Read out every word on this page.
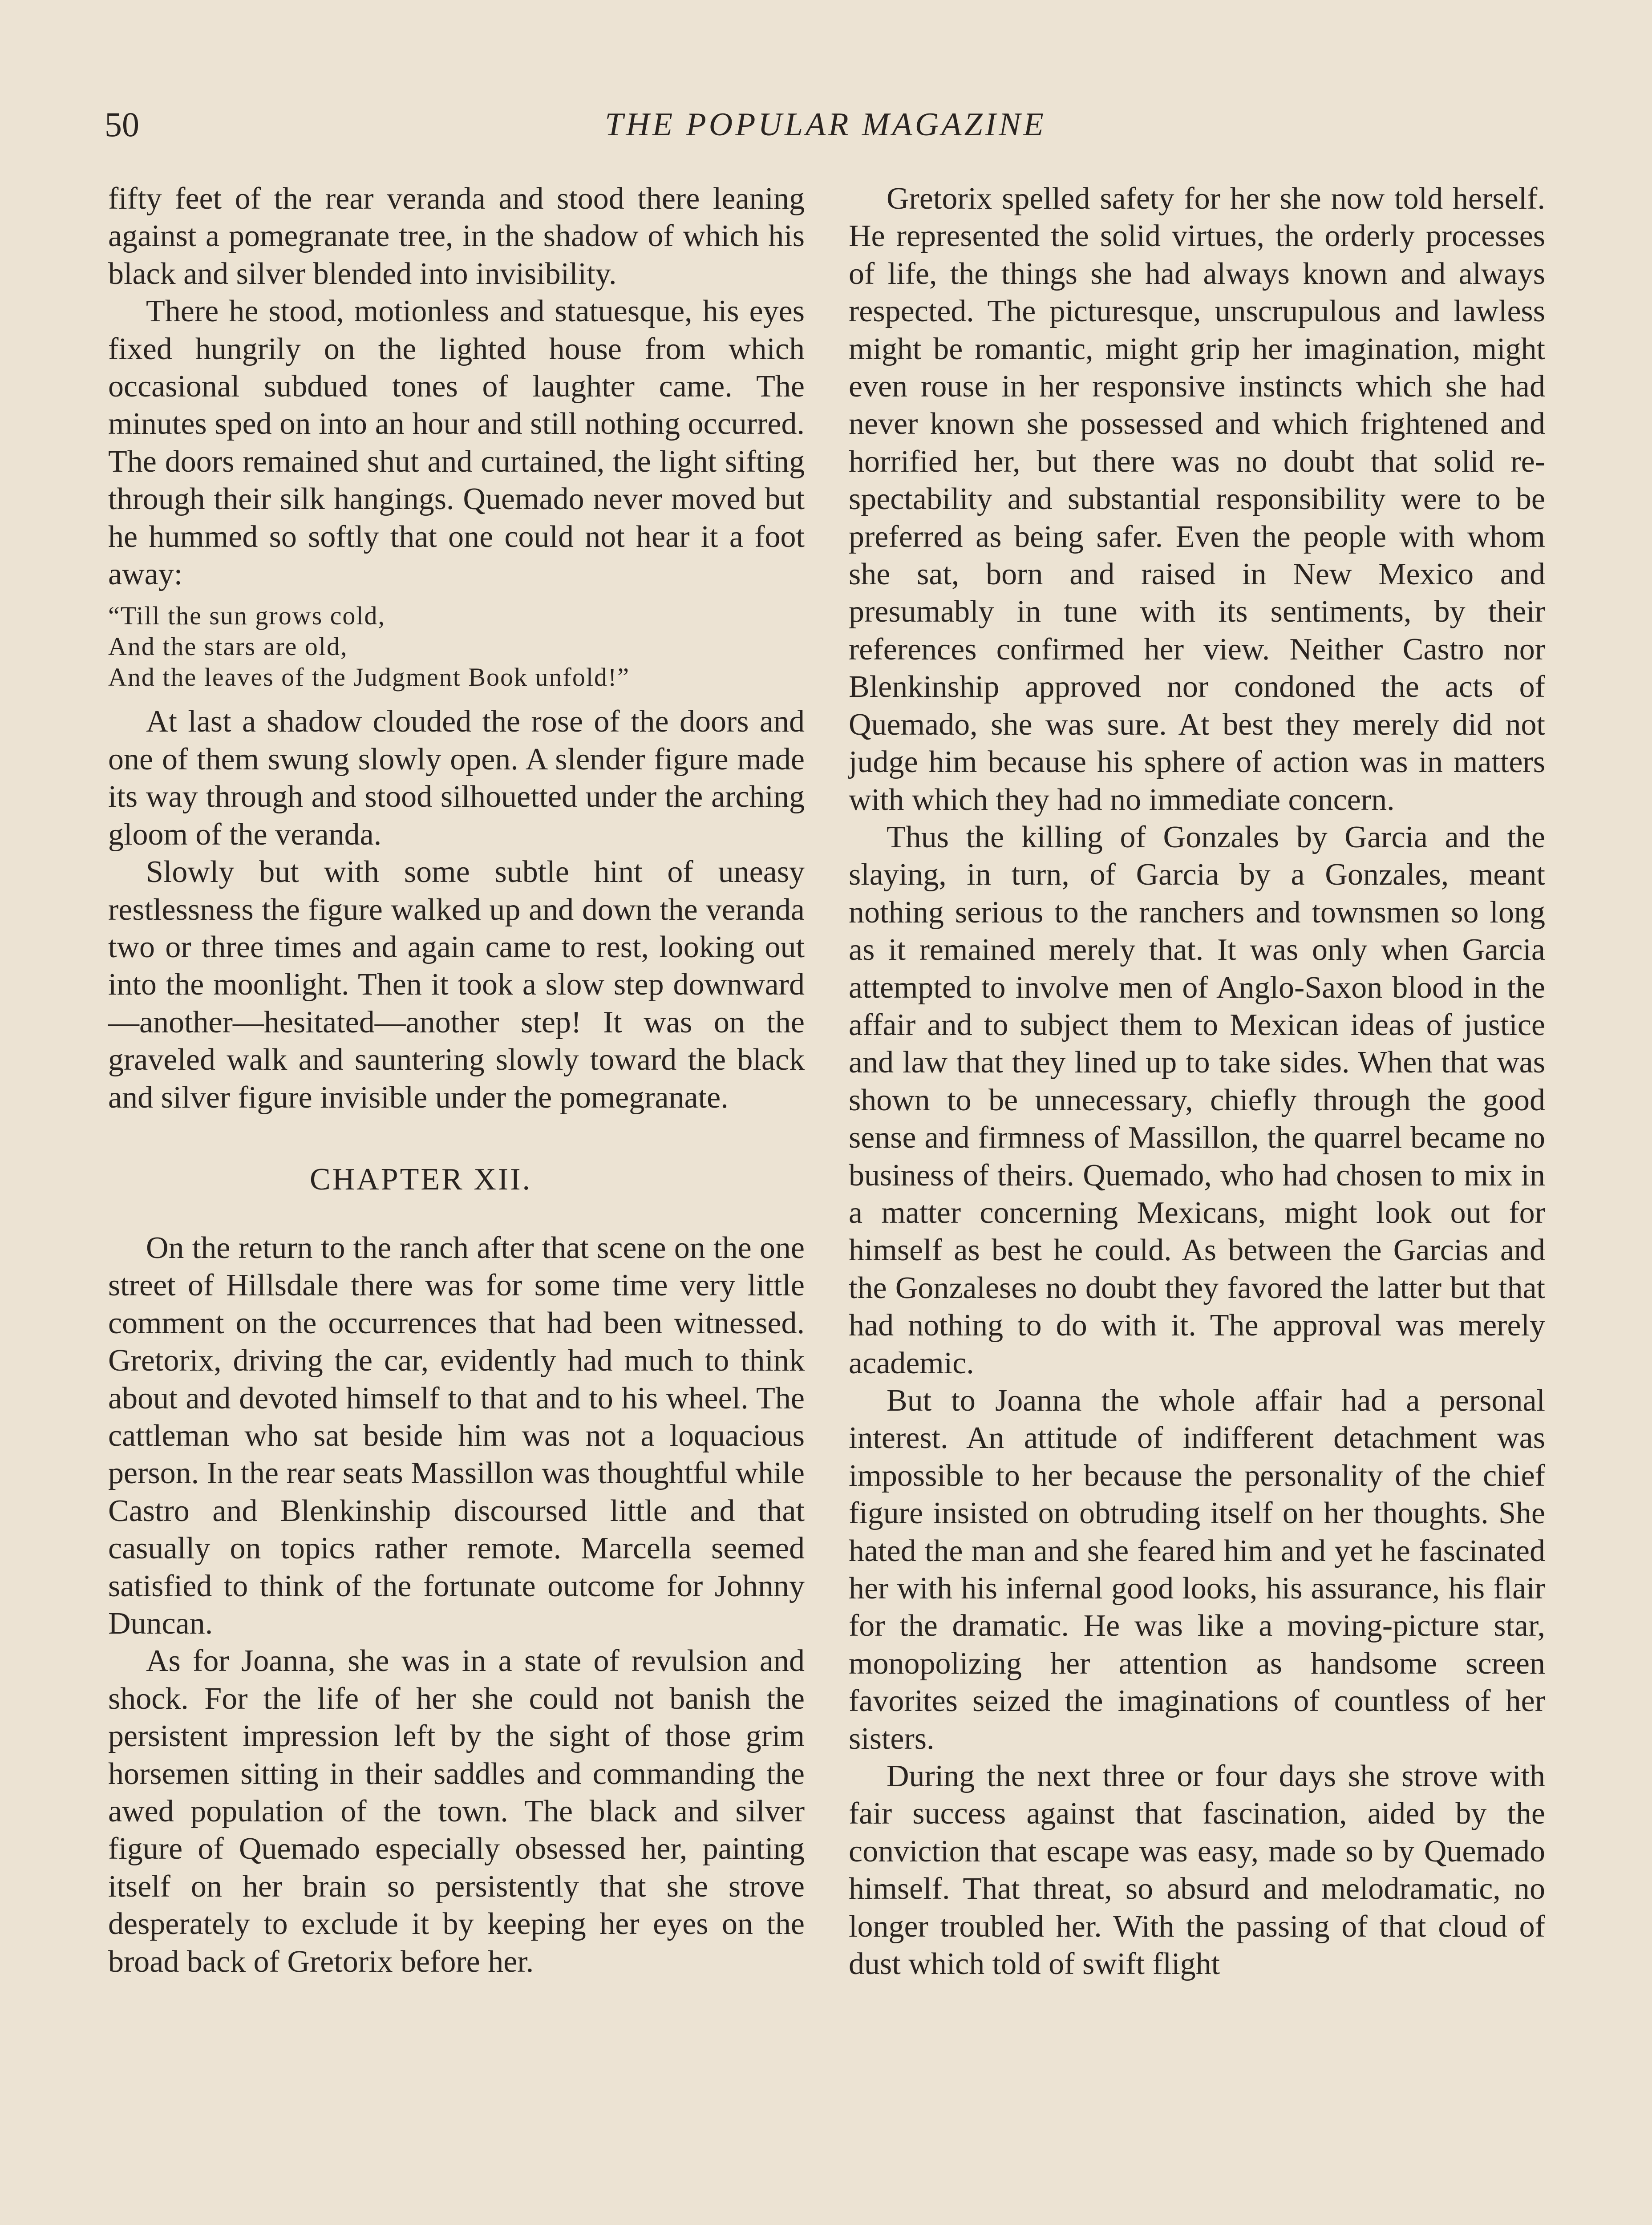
50	THE POPULAR MAGAZINE

fifty feet of the rear veranda and stood there leaning against a pomegranate tree, in the shadow of which his black and silver blended into invisibility.

There he stood, motionless and statuesque, his eyes fixed hungrily on the lighted house from which occasional subdued tones of laughter came. The minutes sped on into an hour and still nothing occurred. The doors remained shut and curtained, the light sifting through their silk hangings. Quemado never moved but he hummed so softly that one could not hear it a foot away:

“Till the sun grows cold,
And the stars are old,
And the leaves of the Judgment Book unfold!”

At last a shadow clouded the rose of the doors and one of them swung slowly open. A slender figure made its way through and stood silhouetted under the arching gloom of the veranda.

Slowly but with some subtle hint of uneasy restlessness the figure walked up and down the veranda two or three times and again came to rest, looking out into the moonlight. Then it took a slow step downward—another—hesitated—another step! It was on the graveled walk and sauntering slowly toward the black and silver figure invisible under the pomegranate.

CHAPTER XII.

On the return to the ranch after that scene on the one street of Hillsdale there was for some time very little comment on the occurrences that had been witnessed. Gretorix, driving the car, evidently had much to think about and devoted himself to that and to his wheel. The cattleman who sat beside him was not a loquacious person. In the rear seats Massillon was thoughtful while Castro and Blenkinship discoursed little and that casually on topics rather remote. Marcella seemed satisfied to think of the fortunate outcome for Johnny Duncan.

As for Joanna, she was in a state of revulsion and shock. For the life of her she could not banish the persistent impression left by the sight of those grim horsemen sitting in their saddles and commanding the awed population of the town. The black and silver figure of Quemado especially obsessed her, painting itself on her brain so persistently that she strove desperately to exclude it by keeping her eyes on the broad back of Gretorix before her.

Gretorix spelled safety for her she now told herself. He represented the solid virtues, the orderly processes of life, the things she had always known and always respected. The picturesque, unscrupulous and lawless might be romantic, might grip her imagination, might even rouse in her responsive instincts which she had never known she possessed and which frightened and horrified her, but there was no doubt that solid respectability and substantial responsibility were to be preferred as being safer. Even the people with whom she sat, born and raised in New Mexico and presumably in tune with its sentiments, by their references confirmed her view. Neither Castro nor Blenkinship approved nor condoned the acts of Quemado, she was sure. At best they merely did not judge him because his sphere of action was in matters with which they had no immediate concern.

Thus the killing of Gonzales by Garcia and the slaying, in turn, of Garcia by a Gonzales, meant nothing serious to the ranchers and townsmen so long as it remained merely that. It was only when Garcia attempted to involve men of Anglo-Saxon blood in the affair and to subject them to Mexican ideas of justice and law that they lined up to take sides. When that was shown to be unnecessary, chiefly through the good sense and firmness of Massillon, the quarrel became no business of theirs. Quemado, who had chosen to mix in a matter concerning Mexicans, might look out for himself as best he could. As between the Garcias and the Gonzaleses no doubt they favored the latter but that had nothing to do with it. The approval was merely academic.

But to Joanna the whole affair had a personal interest. An attitude of indifferent detachment was impossible to her because the personality of the chief figure insisted on obtruding itself on her thoughts. She hated the man and she feared him and yet he fascinated her with his infernal good looks, his assurance, his flair for the dramatic. He was like a moving-picture star, monopolizing her attention as handsome screen favorites seized the imaginations of countless of her sisters.

During the next three or four days she strove with fair success against that fascination, aided by the conviction that escape was easy, made so by Quemado himself. That threat, so absurd and melodramatic, no longer troubled her. With the passing of that cloud of dust which told of swift flight
